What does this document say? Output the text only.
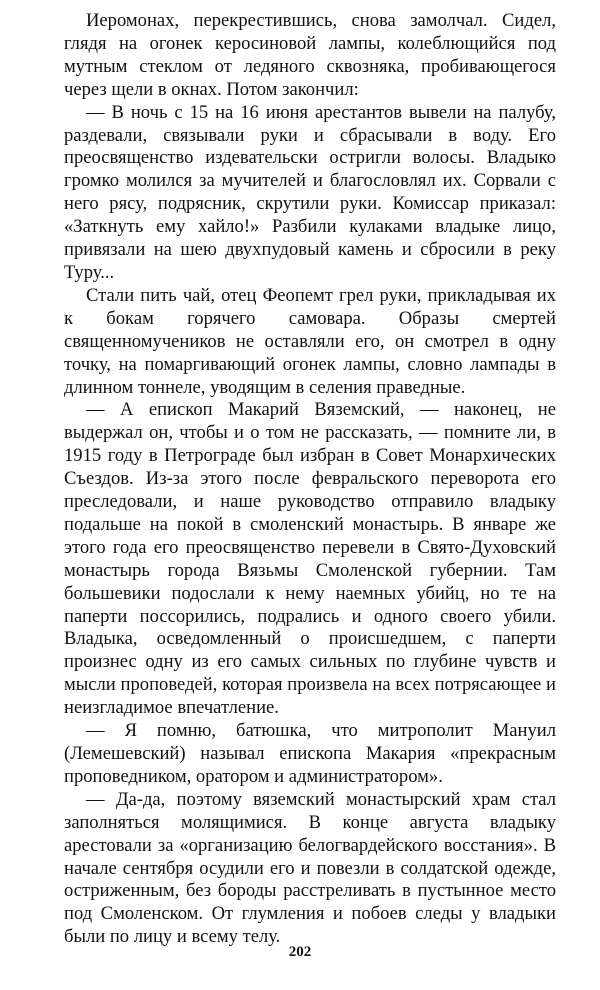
Иеромонах, перекрестившись, снова замолчал. Сидел, глядя на огонек керосиновой лампы, колеблющийся под мутным стеклом от ледяного сквозняка, пробивающегося через щели в окнах. Потом закончил:

— В ночь с 15 на 16 июня арестантов вывели на палубу, раздевали, связывали руки и сбрасывали в воду. Его преосвященство издевательски остригли волосы. Владыко громко молился за мучителей и благословлял их. Сорвали с него рясу, подрясник, скрутили руки. Комиссар приказал: «Заткнуть ему хайло!» Разбили кулаками владыке лицо, привязали на шею двухпудовый камень и сбросили в реку Туру...

Стали пить чай, отец Феопемт грел руки, прикладывая их к бокам горячего самовара. Образы смертей священномучеников не оставляли его, он смотрел в одну точку, на помаргивающий огонек лампы, словно лампады в длинном тоннеле, уводящим в селения праведные.

— А епископ Макарий Вяземский, — наконец, не выдержал он, чтобы и о том не рассказать, — помните ли, в 1915 году в Петрограде был избран в Совет Монархических Съездов. Из-за этого после февральского переворота его преследовали, и наше руководство отправило владыку подальше на покой в смоленский монастырь. В январе же этого года его преосвященство перевели в Свято-Духовский монастырь города Вязьмы Смоленской губернии. Там большевики подослали к нему наемных убийц, но те на паперти поссорились, подрались и одного своего убили. Владыка, осведомленный о происшедшем, с паперти произнес одну из его самых сильных по глубине чувств и мысли проповедей, которая произвела на всех потрясающее и неизгладимое впечатление.

— Я помню, батюшка, что митрополит Мануил (Лемешевский) называл епископа Макария «прекрасным проповедником, оратором и администратором».

— Да-да, поэтому вяземский монастырский храм стал заполняться молящимися. В конце августа владыку арестовали за «организацию белогвардейского восстания». В начале сентября осудили его и повезли в солдатской одежде, остриженным, без бороды расстреливать в пустынное место под Смоленском. От глумления и побоев следы у владыки были по лицу и всему телу.

202
